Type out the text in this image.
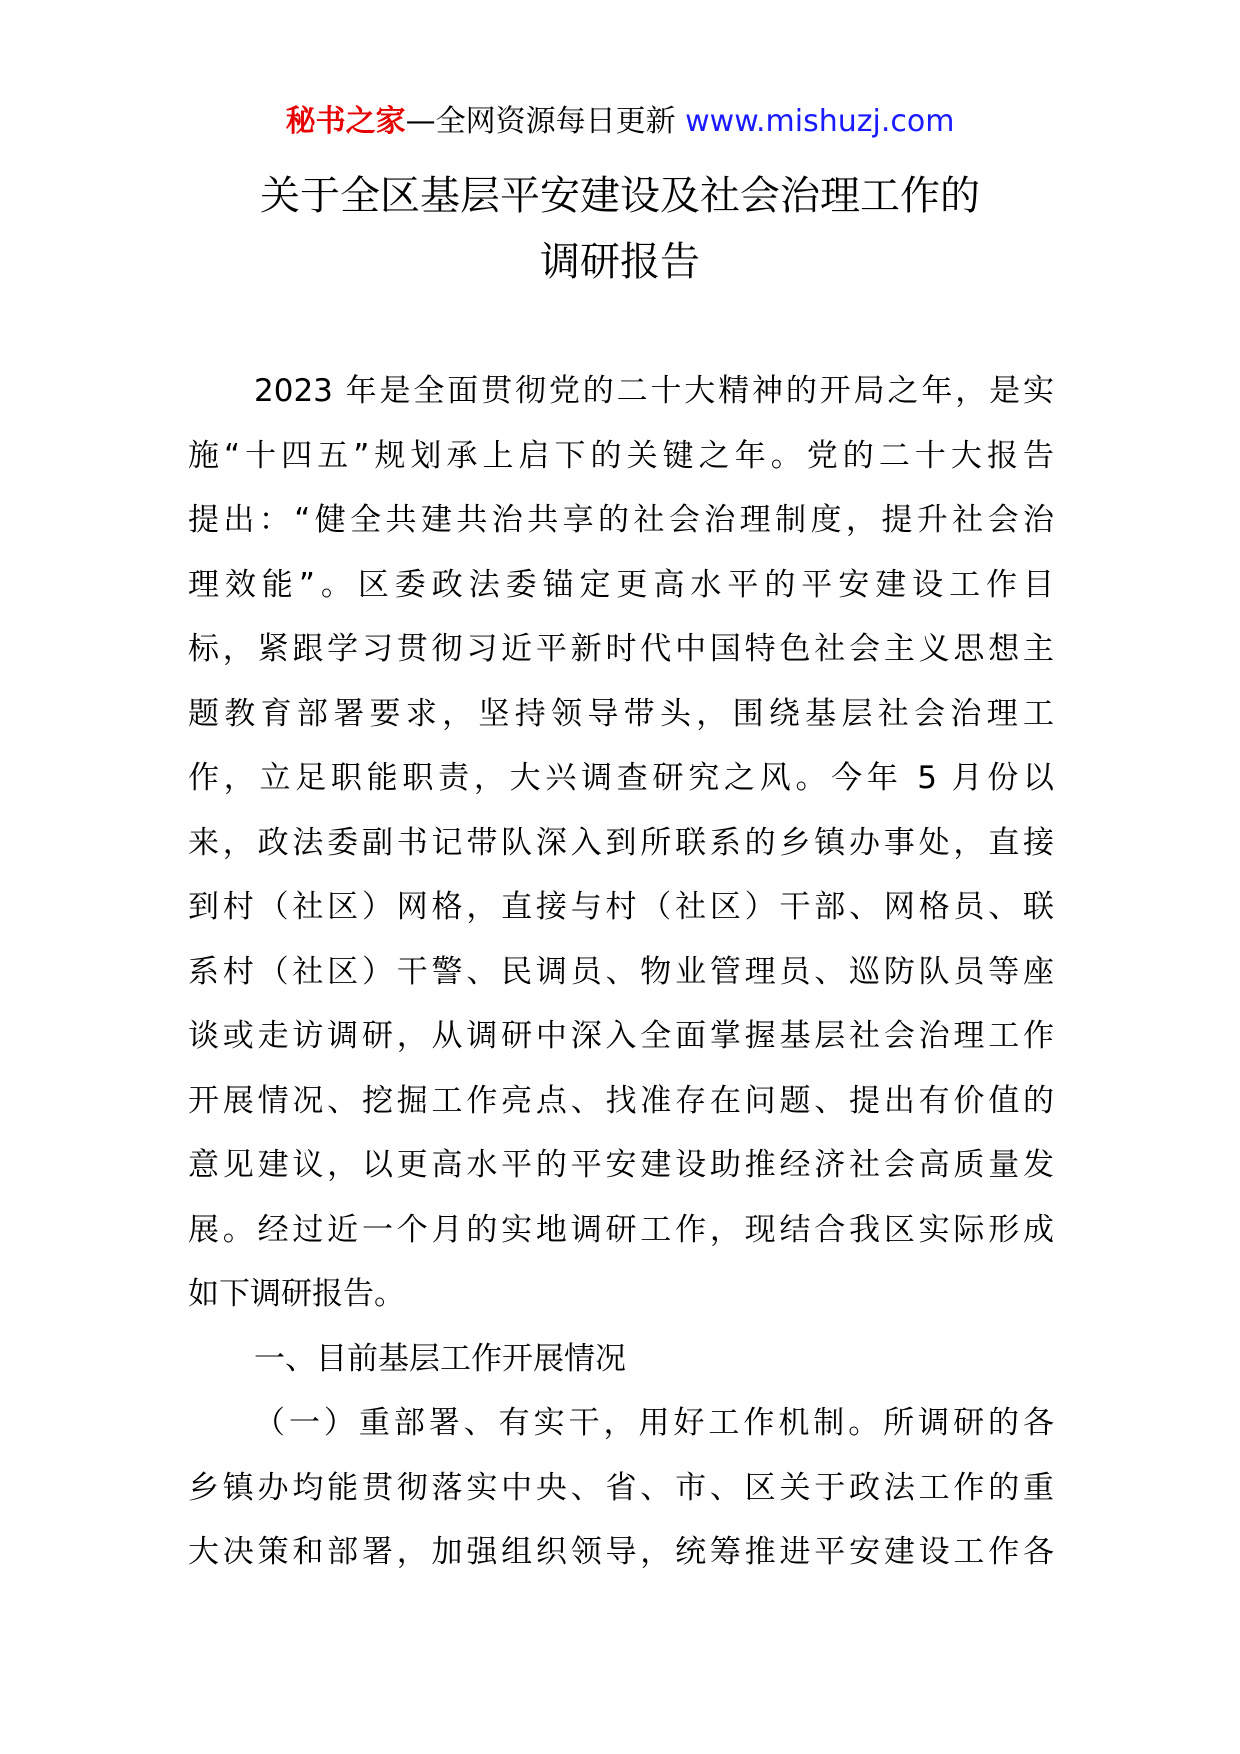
秘书之家—全网资源每日更新 www.mishuzj.com
关于全区基层平安建设及社会治理工作的
调研报告
2023 年是全面贯彻党的二十大精神的开局之年，是实
施“十四五”规划承上启下的关键之年。党的二十大报告
提出：“健全共建共治共享的社会治理制度，提升社会治
理效能”。区委政法委锚定更高水平的平安建设工作目
标，紧跟学习贯彻习近平新时代中国特色社会主义思想主
题教育部署要求，坚持领导带头，围绕基层社会治理工
作，立足职能职责，大兴调查研究之风。今年 5 月份以
来，政法委副书记带队深入到所联系的乡镇办事处，直接
到村（社区）网格，直接与村（社区）干部、网格员、联
系村（社区）干警、民调员、物业管理员、巡防队员等座
谈或走访调研，从调研中深入全面掌握基层社会治理工作
开展情况、挖掘工作亮点、找准存在问题、提出有价值的
意见建议，以更高水平的平安建设助推经济社会高质量发
展。经过近一个月的实地调研工作，现结合我区实际形成
如下调研报告。
一、目前基层工作开展情况
（一）重部署、有实干，用好工作机制。所调研的各
乡镇办均能贯彻落实中央、省、市、区关于政法工作的重
大决策和部署，加强组织领导，统筹推进平安建设工作各
